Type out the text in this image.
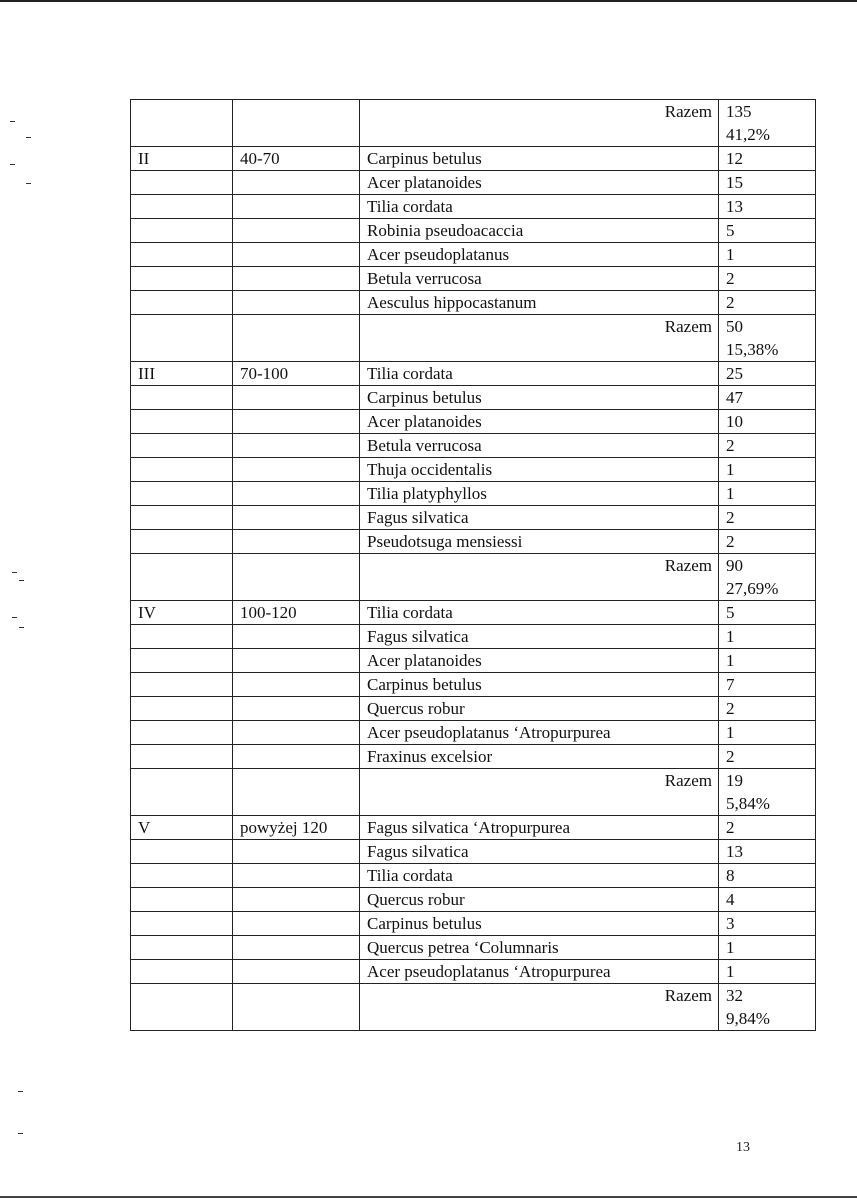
		Razem	135
41,2%

II	40-70	Carpinus betulus	12
		Acer platanoides	15
		Tilia cordata	13
		Robinia pseudoacaccia	5
		Acer pseudoplatanus	1
		Betula verrucosa	2
		Aesculus hippocastanum	2
		Razem	50
15,38%

III	70-100	Tilia cordata	25
		Carpinus betulus	47
		Acer platanoides	10
		Betula verrucosa	2
		Thuja occidentalis	1
		Tilia platyphyllos	1
		Fagus silvatica	2
		Pseudotsuga mensiessi	2
		Razem	90
27,69%

IV	100-120	Tilia cordata	5
		Fagus silvatica	1
		Acer platanoides	1
		Carpinus betulus	7
		Quercus robur	2
		Acer pseudoplatanus ‘Atropurpurea	1
		Fraxinus excelsior	2
		Razem	19
5,84%

V	powyżej 120	Fagus silvatica ‘Atropurpurea	2
		Fagus silvatica	13
		Tilia cordata	8
		Quercus robur	4
		Carpinus betulus	3
		Quercus petrea ‘Columnaris	1
		Acer pseudoplatanus ‘Atropurpurea	1
		Razem	32
9,84%
13
